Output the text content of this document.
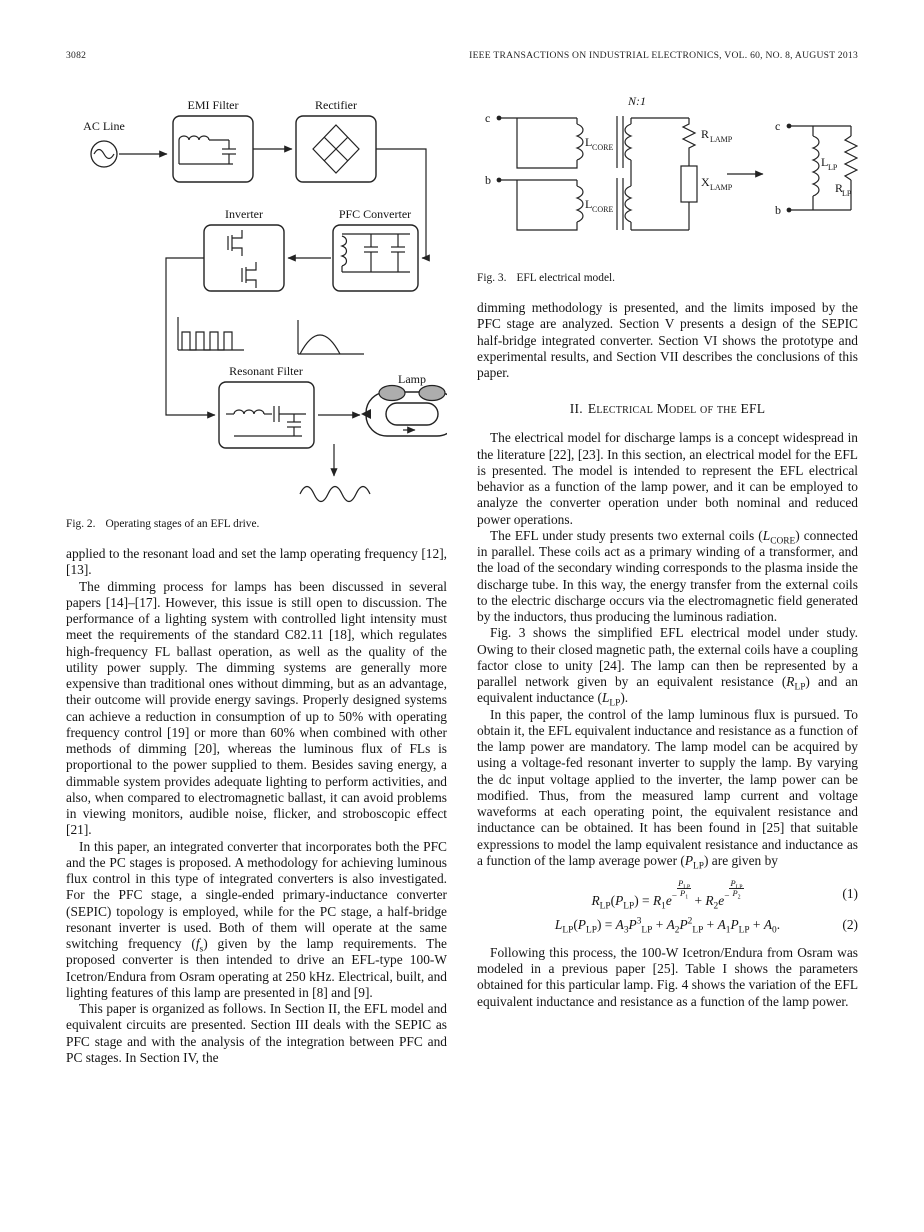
3082	IEEE TRANSACTIONS ON INDUSTRIAL ELECTRONICS, VOL. 60, NO. 8, AUGUST 2013
AC Line
EMI Filter	Rectifier
Inverter	PFC Converter
Resonant Filter
Lamp
Fig. 2. Operating stages of an EFL drive.

applied to the resonant load and set the lamp operating frequency [12], [13].

The dimming process for lamps has been discussed in several papers [14]–[17]. However, this issue is still open to discussion. The performance of a lighting system with controlled light intensity must meet the requirements of the standard C82.11 [18], which regulates high-frequency FL ballast operation, as well as the quality of the utility power supply. The dimming systems are generally more expensive than traditional ones without dimming, but as an advantage, their outcome will provide energy savings. Properly designed systems can achieve a reduction in consumption of up to 50% with operating frequency control [19] or more than 60% when combined with other methods of dimming [20], whereas the luminous flux of FLs is proportional to the power supplied to them. Besides saving energy, a dimmable system provides adequate lighting to perform activities, and also, when compared to electromagnetic ballast, it can avoid problems in viewing monitors, audible noise, flicker, and stroboscopic effect [21].

In this paper, an integrated converter that incorporates both the PFC and the PC stages is proposed. A methodology for achieving luminous flux control in this type of integrated converters is also investigated. For the PFC stage, a single-ended primary-inductance converter (SEPIC) topology is employed, while for the PC stage, a half-bridge resonant inverter is used. Both of them will operate at the same switching frequency $(f_s)$ given by the lamp requirements. The proposed converter is then intended to drive an EFL-type 100-W Icetron/Endura from Osram operating at 250 kHz. Electrical, built, and lighting features of this lamp are presented in [8] and [9].

This paper is organized as follows. In Section II, the EFL model and equivalent circuits are presented. Section III deals with the SEPIC as PFC stage and with the analysis of the integration between PFC and PC stages. In Section IV, the

N:1
c
b
L CORE
L CORE
R LAMP
X LAMP
c
b
L LP
R
LP
Fig. 3. EFL electrical model.

dimming methodology is presented, and the limits imposed by the PFC stage are analyzed. Section V presents a design of the SEPIC half-bridge integrated converter. Section VI shows the prototype and experimental results, and Section VII describes the conclusions of this paper.

II. Electrical Model of the EFL

The electrical model for discharge lamps is a concept widespread in the literature [22], [23]. In this section, an electrical model for the EFL is presented. The model is intended to represent the EFL electrical behavior as a function of the lamp power, and it can be employed to analyze the converter operation under both nominal and reduced power operations.

The EFL under study presents two external coils $(L_{CORE})$ connected in parallel. These coils act as a primary winding of a transformer, and the load of the secondary winding corresponds to the plasma inside the discharge tube. In this way, the energy transfer from the external coils to the electric discharge occurs via the electromagnetic field generated by the inductors, thus producing the luminous radiation.

Fig. 3 shows the simplified EFL electrical model under study. Owing to their closed magnetic path, the external coils have a coupling factor close to unity [24]. The lamp can then be represented by a parallel network given by an equivalent resistance $(R_{LP})$ and an equivalent inductance $(L_{LP})$.

In this paper, the control of the lamp luminous flux is pursued. To obtain it, the EFL equivalent inductance and resistance as a function of the lamp power are mandatory. The lamp model can be acquired by using a voltage-fed resonant inverter to supply the lamp. By varying the dc input voltage applied to the inverter, the lamp power can be modified. Thus, from the measured lamp current and voltage waveforms at each operating point, the equivalent resistance and inductance can be obtained. It has been found in [25] that suitable expressions to model the lamp equivalent resistance and inductance as a function of the lamp average power $(P_{LP})$ are given by

$R_{LP}(P_{LP}) = R_1e^{- P_{LP} P_1} + R_2e^{- P_{LP} P_2}$	(1)
$L_{LP}(P_{LP}) = A_3P^3_{LP} + A_2P^2_{LP} + A_1P_{LP} + A_0$.	(2)

Following this process, the 100-W Icetron/Endura from Osram was modeled in a previous paper [25]. Table I shows the parameters obtained for this particular lamp. Fig. 4 shows the variation of the EFL equivalent inductance and resistance as a function of the lamp power.
